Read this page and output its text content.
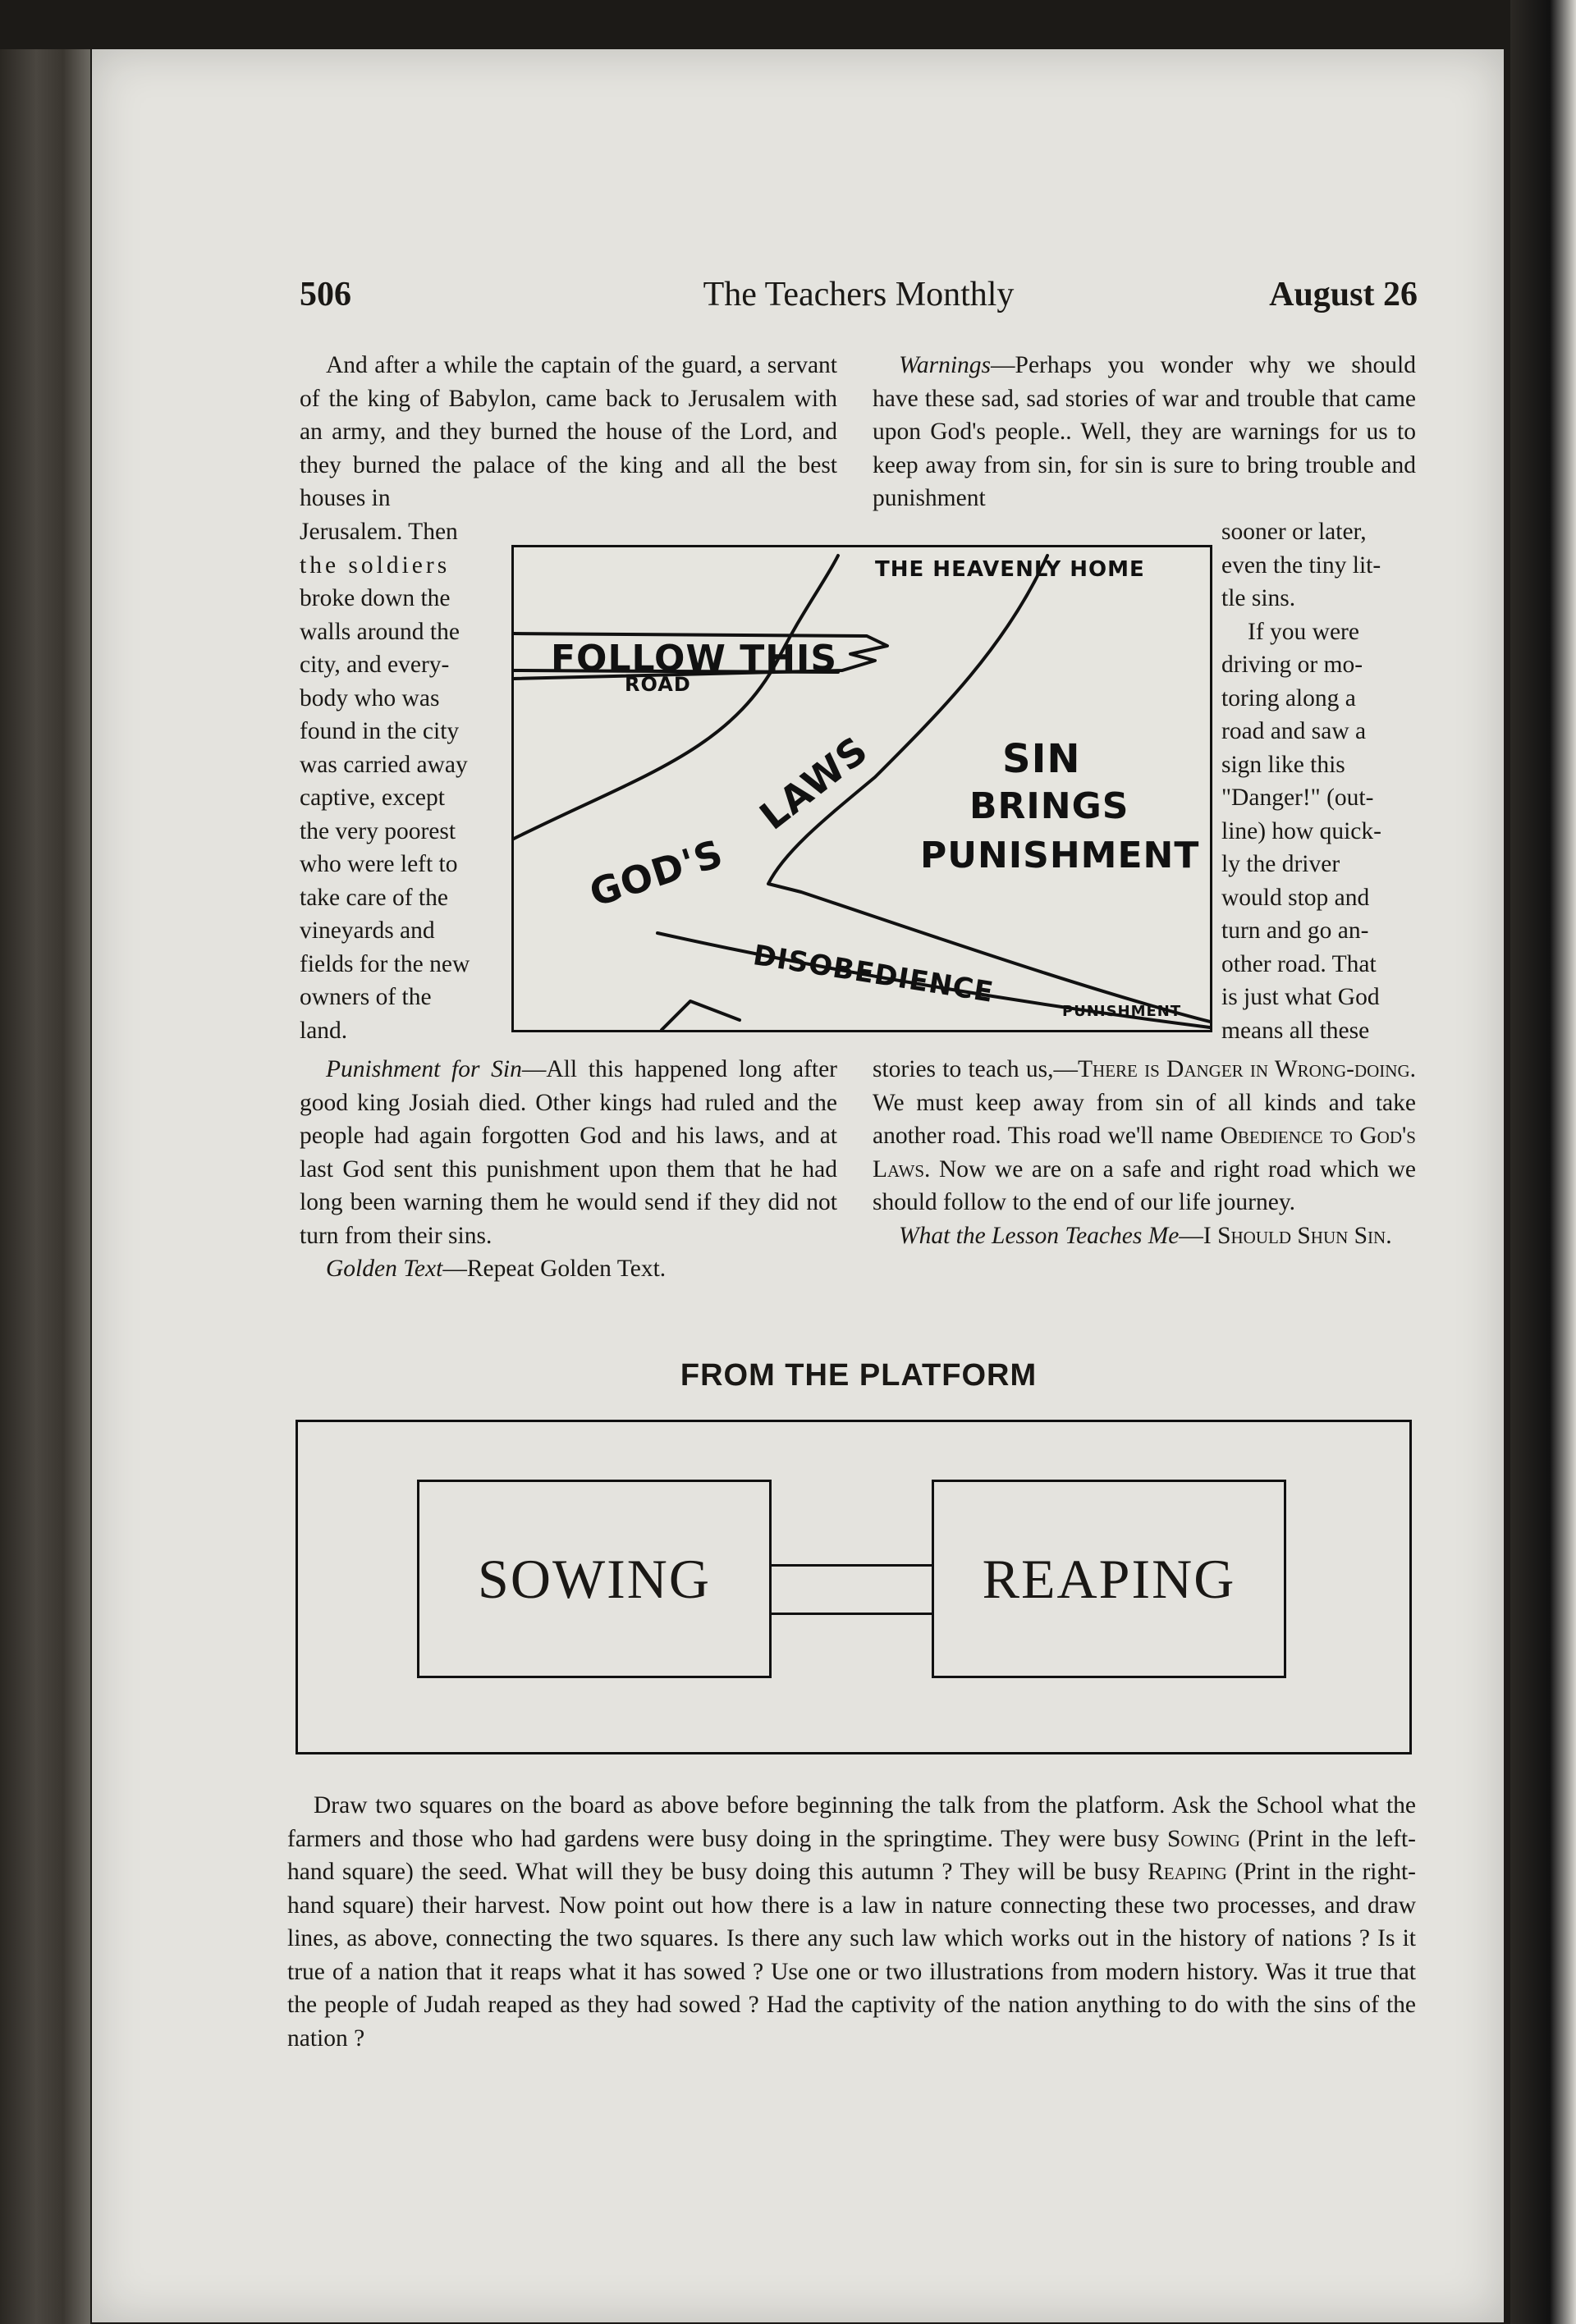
506	The Teachers Monthly	August 26

And after a while the captain of the guard, a servant of the king of Babylon, came back to Jerusalem with an army, and they burned the house of the Lord, and they burned the palace of the king and all the best houses in

Jerusalem. Then
the soldiers
broke down the
walls around the
city, and every-
body who was
found in the city
was carried away
captive, except
the very poorest
who were left to
take care of the
vineyards and
fields for the new
owners of the
land.

Punishment for Sin—All this happened long after good king Josiah died. Other kings had ruled and the people had again forgotten God and his laws, and at last God sent this punishment upon them that he had long been warning them he would send if they did not turn from their sins.

Golden Text—Repeat Golden Text.

Warnings—Perhaps you wonder why we should have these sad, sad stories of war and trouble that came upon God's people.. Well, they are warnings for us to keep away from sin, for sin is sure to bring trouble and punishment

sooner or later,
even the tiny lit-
tle sins.
If you were
driving or mo-
toring along a
road and saw a
sign like this
"Danger!" (out-
line) how quick-
ly the driver
would stop and
turn and go an-
other road. That
is just what God
means all these

stories to teach us,—There is Danger in Wrong-doing. We must keep away from sin of all kinds and take another road. This road we'll name Obedience to God's Laws. Now we are on a safe and right road which we should follow to the end of our life journey.

What the Lesson Teaches Me—I Should Shun Sin.

THE HEAVENLY HOME
FOLLOW THIS
ROAD
GOD'S
LAWS	SIN
BRINGS
PUNISHMENT
DISOBEDIENCE
PUNISHMENT
FROM THE PLATFORM
SOWING	REAPING

Draw two squares on the board as above before beginning the talk from the platform. Ask the School what the farmers and those who had gardens were busy doing in the springtime. They were busy Sowing (Print in the left-hand square) the seed. What will they be busy doing this autumn ? They will be busy Reaping (Print in the right-hand square) their harvest. Now point out how there is a law in nature connecting these two processes, and draw lines, as above, connecting the two squares. Is there any such law which works out in the history of nations ? Is it true of a nation that it reaps what it has sowed ? Use one or two illustrations from modern history. Was it true that the people of Judah reaped as they had sowed ? Had the captivity of the nation anything to do with the sins of the nation ?
